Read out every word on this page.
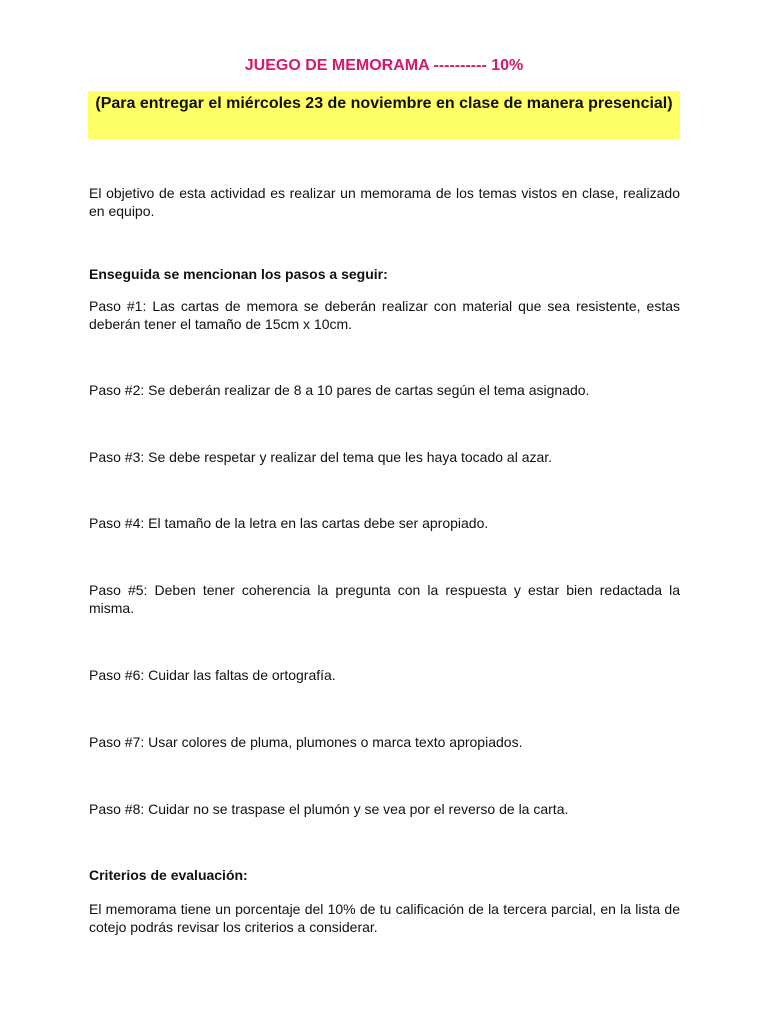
JUEGO DE MEMORAMA ---------- 10%
(Para entregar el miércoles 23 de noviembre en clase de manera presencial)
El objetivo de esta actividad es realizar un memorama de los temas vistos en clase, realizado en equipo.
Enseguida se mencionan los pasos a seguir:
Paso #1: Las cartas de memora se deberán realizar con material que sea resistente, estas deberán tener el tamaño de 15cm x 10cm.
Paso #2: Se deberán realizar de 8 a 10 pares de cartas según el tema asignado.
Paso #3: Se debe respetar y realizar del tema que les haya tocado al azar.
Paso #4: El tamaño de la letra en las cartas debe ser apropiado.
Paso #5: Deben tener coherencia la pregunta con la respuesta y estar bien redactada la misma.
Paso #6: Cuidar las faltas de ortografía.
Paso #7: Usar colores de pluma, plumones o marca texto apropiados.
Paso #8: Cuidar no se traspase el plumón y se vea por el reverso de la carta.
Criterios de evaluación:
El memorama tiene un porcentaje del 10% de tu calificación de la tercera parcial, en la lista de cotejo podrás revisar los criterios a considerar.
